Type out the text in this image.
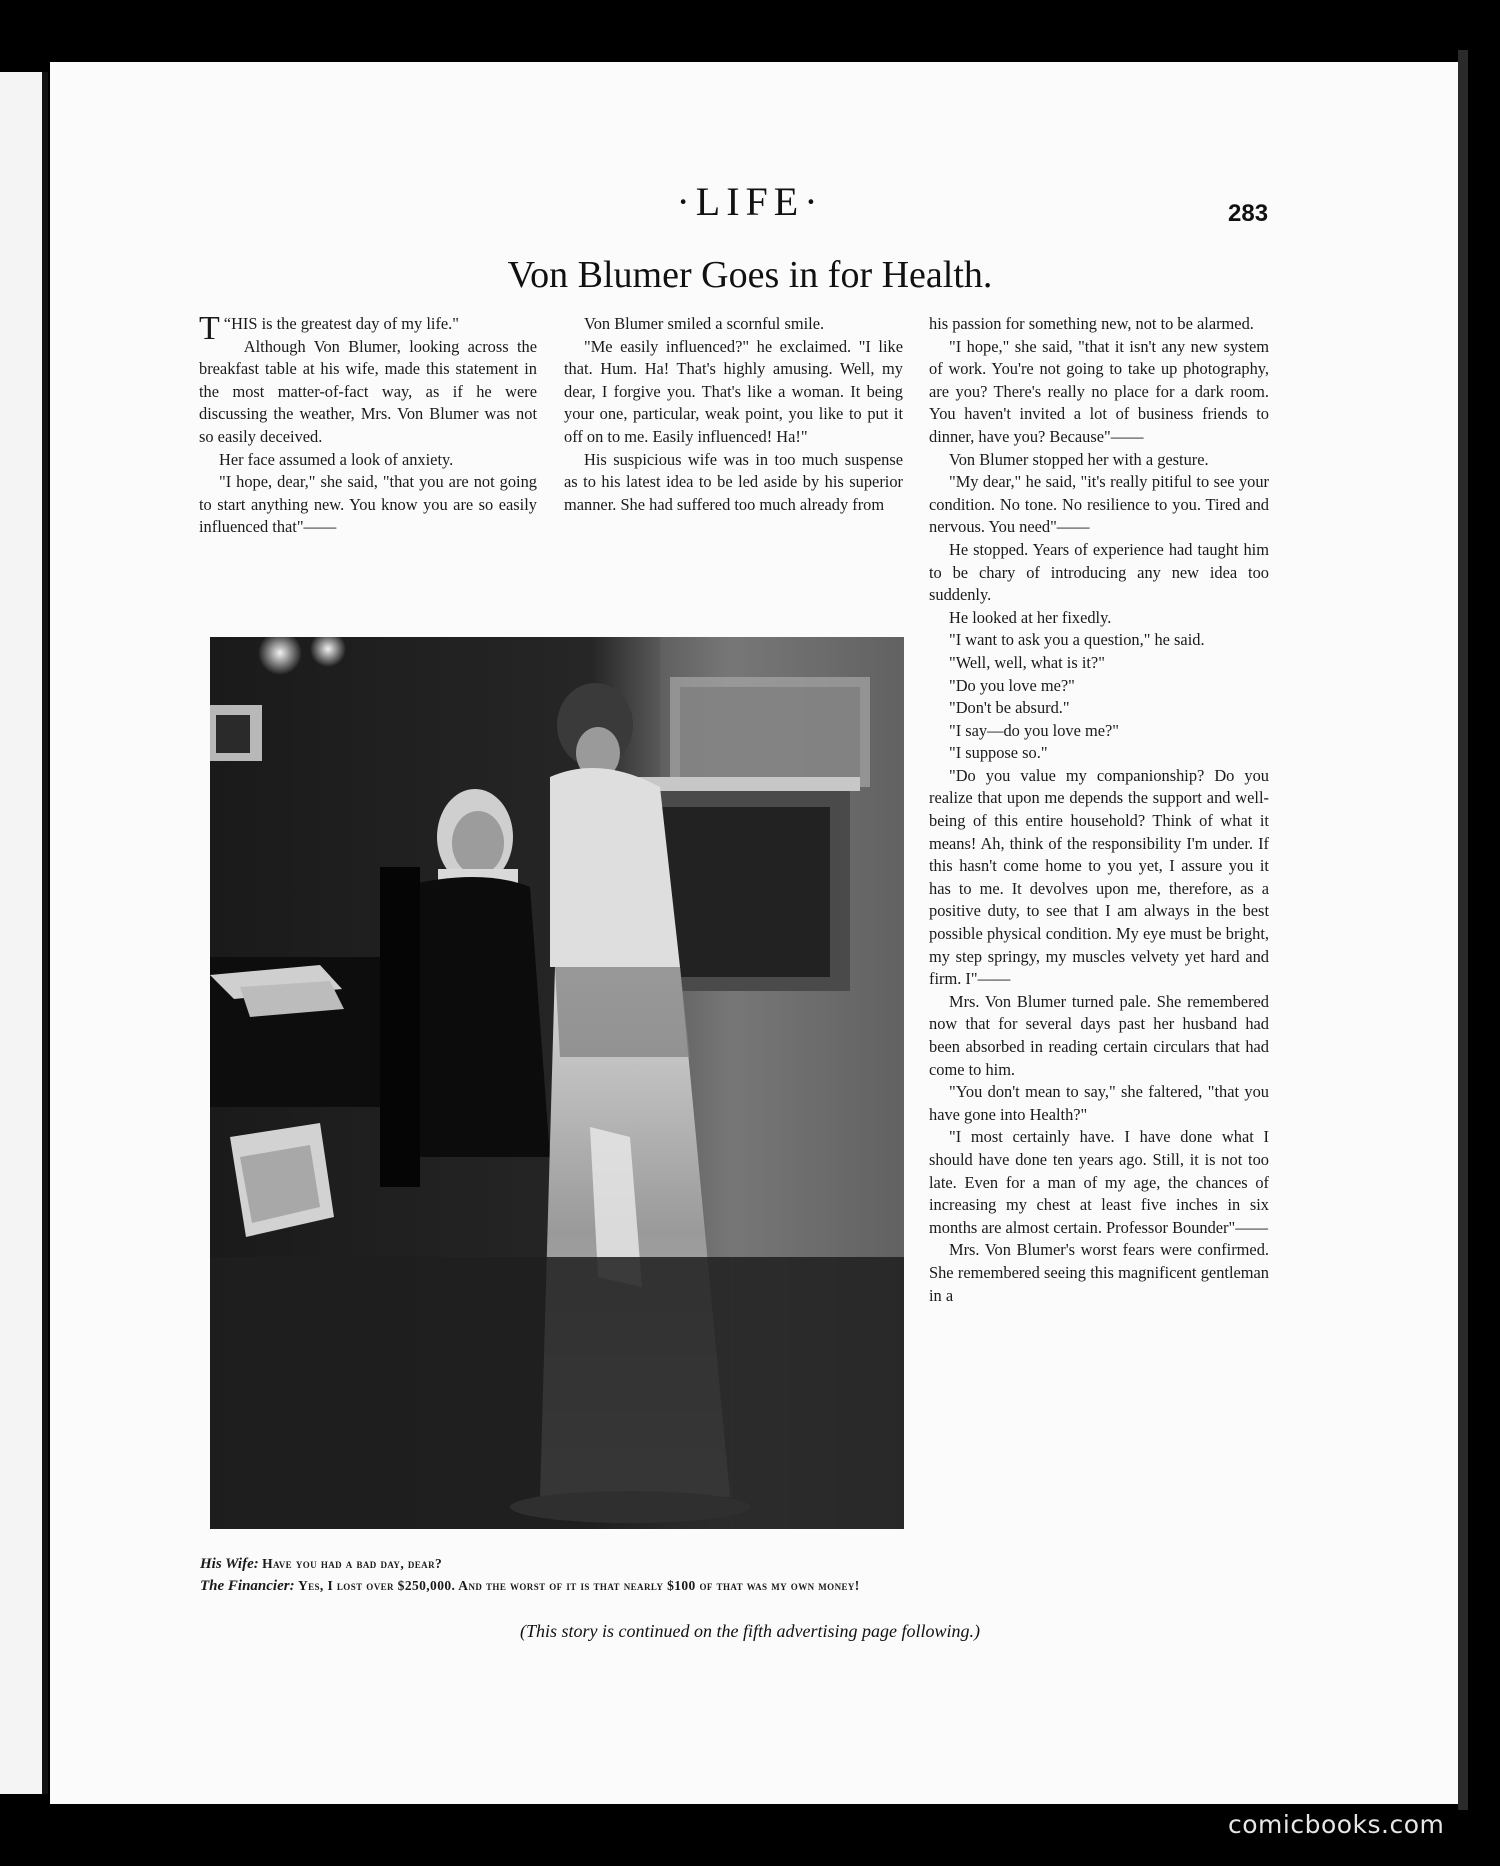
·LIFE·	283
Von Blumer Goes in for Health.

“
T HIS is the greatest day of my life."

Although Von Blumer, looking across the breakfast table at his wife, made this statement in the most matter-of-fact way, as if he were discussing the weather, Mrs. Von Blumer was not so easily deceived.

Her face assumed a look of anxiety.

"I hope, dear," she said, "that you are not going to start anything new. You know you are so easily influenced that"——

Von Blumer smiled a scornful smile.

"Me easily influenced?" he exclaimed. "I like that. Hum. Ha! That's highly amusing. Well, my dear, I forgive you. That's like a woman. It being your one, particular, weak point, you like to put it off on to me. Easily influenced! Ha!"

His suspicious wife was in too much suspense as to his latest idea to be led aside by his superior manner. She had suffered too much already from

his passion for something new, not to be alarmed.

"I hope," she said, "that it isn't any new system of work. You're not going to take up photography, are you? There's really no place for a dark room. You haven't invited a lot of business friends to dinner, have you? Because"——

Von Blumer stopped her with a gesture.

"My dear," he said, "it's really pitiful to see your condition. No tone. No resilience to you. Tired and nervous. You need"——

He stopped. Years of experience had taught him to be chary of introducing any new idea too suddenly.

He looked at her fixedly.

"I want to ask you a question," he said.

"Well, well, what is it?"

"Do you love me?"

"Don't be absurd."

"I say—do you love me?"

"I suppose so."

"Do you value my companionship? Do you realize that upon me depends the support and well-being of this entire household? Think of what it means! Ah, think of the responsibility I'm under. If this hasn't come home to you yet, I assure you it has to me. It devolves upon me, therefore, as a positive duty, to see that I am always in the best possible physical condition. My eye must be bright, my step springy, my muscles velvety yet hard and firm. I"——

Mrs. Von Blumer turned pale. She remembered now that for several days past her husband had been absorbed in reading certain circulars that had come to him.

"You don't mean to say," she faltered, "that you have gone into Health?"

"I most certainly have. I have done what I should have done ten years ago. Still, it is not too late. Even for a man of my age, the chances of increasing my chest at least five inches in six months are almost certain. Professor Bounder"——

Mrs. Von Blumer's worst fears were confirmed. She remembered seeing this magnificent gentleman in a

His Wife: Have you had a bad day, dear?

The Financier: Yes, I lost over $250,000. And the worst of it is that nearly $100 of that was my own money!

(This story is continued on the fifth advertising page following.)
comicbooks.com
